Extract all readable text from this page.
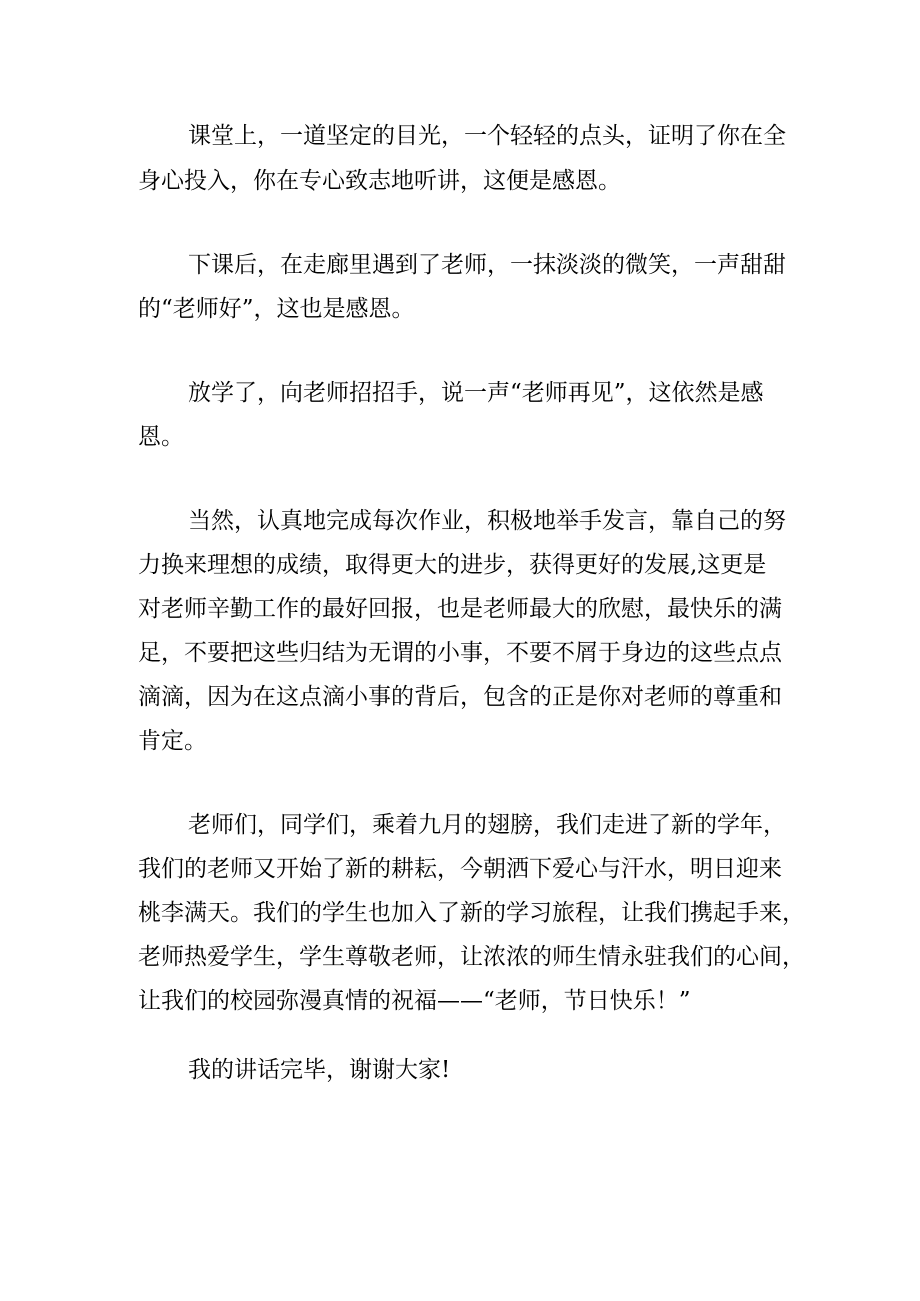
课堂上，一道坚定的目光，一个轻轻的点头，证明了你在全
身心投入，你在专心致志地听讲，这便是感恩。
下课后，在走廊里遇到了老师，一抹淡淡的微笑，一声甜甜
的“老师好”，这也是感恩。
放学了，向老师招招手，说一声“老师再见”，这依然是感
恩。
当然，认真地完成每次作业，积极地举手发言，靠自己的努
力换来理想的成绩，取得更大的进步，获得更好的发展,这更是
对老师辛勤工作的最好回报，也是老师最大的欣慰，最快乐的满
足，不要把这些归结为无谓的小事，不要不屑于身边的这些点点
滴滴，因为在这点滴小事的背后，包含的正是你对老师的尊重和
肯定。
老师们，同学们，乘着九月的翅膀，我们走进了新的学年，
我们的老师又开始了新的耕耘，今朝洒下爱心与汗水，明日迎来
桃李满天。我们的学生也加入了新的学习旅程，让我们携起手来，
老师热爱学生，学生尊敬老师，让浓浓的师生情永驻我们的心间，
让我们的校园弥漫真情的祝福——“老师，节日快乐！”
我的讲话完毕，谢谢大家!
